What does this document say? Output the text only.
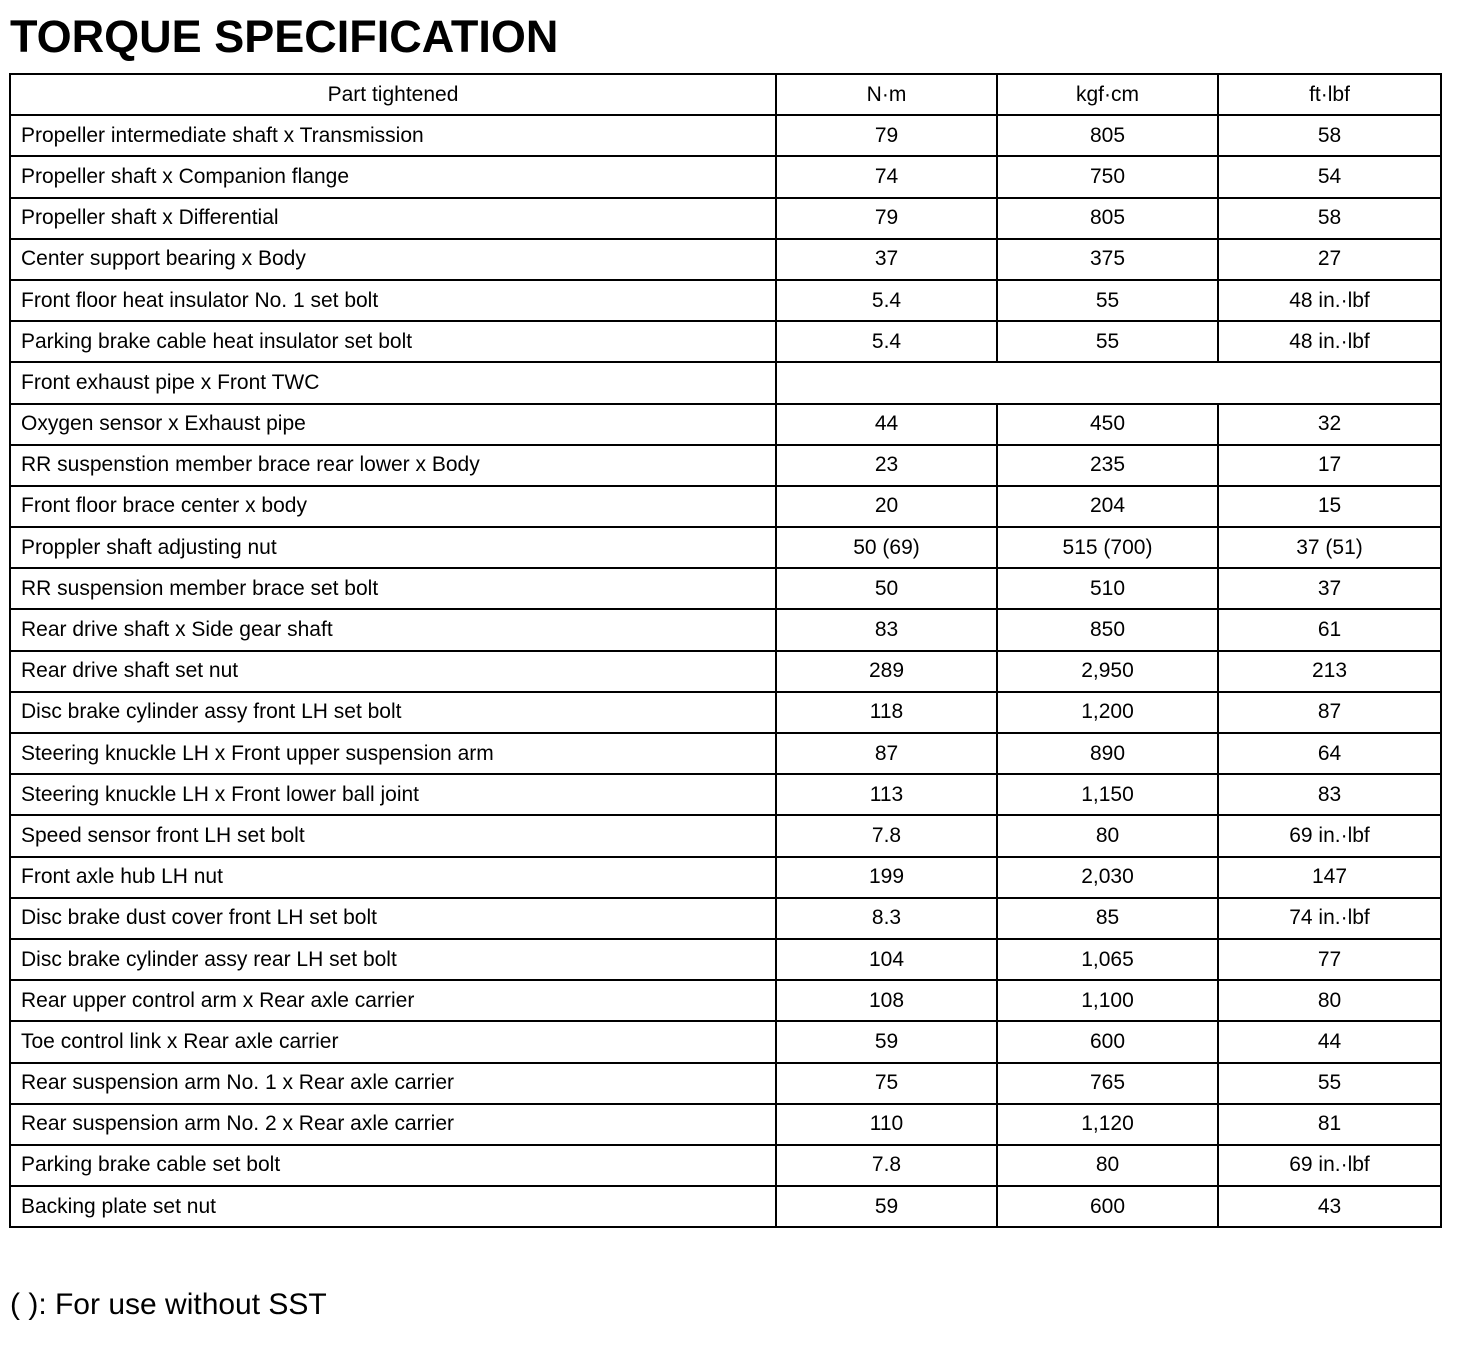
TORQUE SPECIFICATION
Part tightened	N·m	kgf·cm	ft·lbf
Propeller intermediate shaft x Transmission	79	805	58
Propeller shaft x Companion flange	74	750	54
Propeller shaft x Differential	79	805	58
Center support bearing x Body	37	375	27
Front floor heat insulator No. 1 set bolt	5.4	55	48 in.·lbf
Parking brake cable heat insulator set bolt	5.4	55	48 in.·lbf
Front exhaust pipe x Front TWC			
Oxygen sensor x Exhaust pipe	44	450	32
RR suspenstion member brace rear lower x Body	23	235	17
Front floor brace center x body	20	204	15
Proppler shaft adjusting nut	50 (69)	515 (700)	37 (51)
RR suspension member brace set bolt	50	510	37
Rear drive shaft x Side gear shaft	83	850	61
Rear drive shaft set nut	289	2,950	213
Disc brake cylinder assy front LH set bolt	118	1,200	87
Steering knuckle LH x Front upper suspension arm	87	890	64
Steering knuckle LH x Front lower ball joint	113	1,150	83
Speed sensor front LH set bolt	7.8	80	69 in.·lbf
Front axle hub LH nut	199	2,030	147
Disc brake dust cover front LH set bolt	8.3	85	74 in.·lbf
Disc brake cylinder assy rear LH set bolt	104	1,065	77
Rear upper control arm x Rear axle carrier	108	1,100	80
Toe control link x Rear axle carrier	59	600	44
Rear suspension arm No. 1 x Rear axle carrier	75	765	55
Rear suspension arm No. 2 x Rear axle carrier	110	1,120	81
Parking brake cable set bolt	7.8	80	69 in.·lbf
Backing plate set nut	59	600	43

( ): For use without SST
